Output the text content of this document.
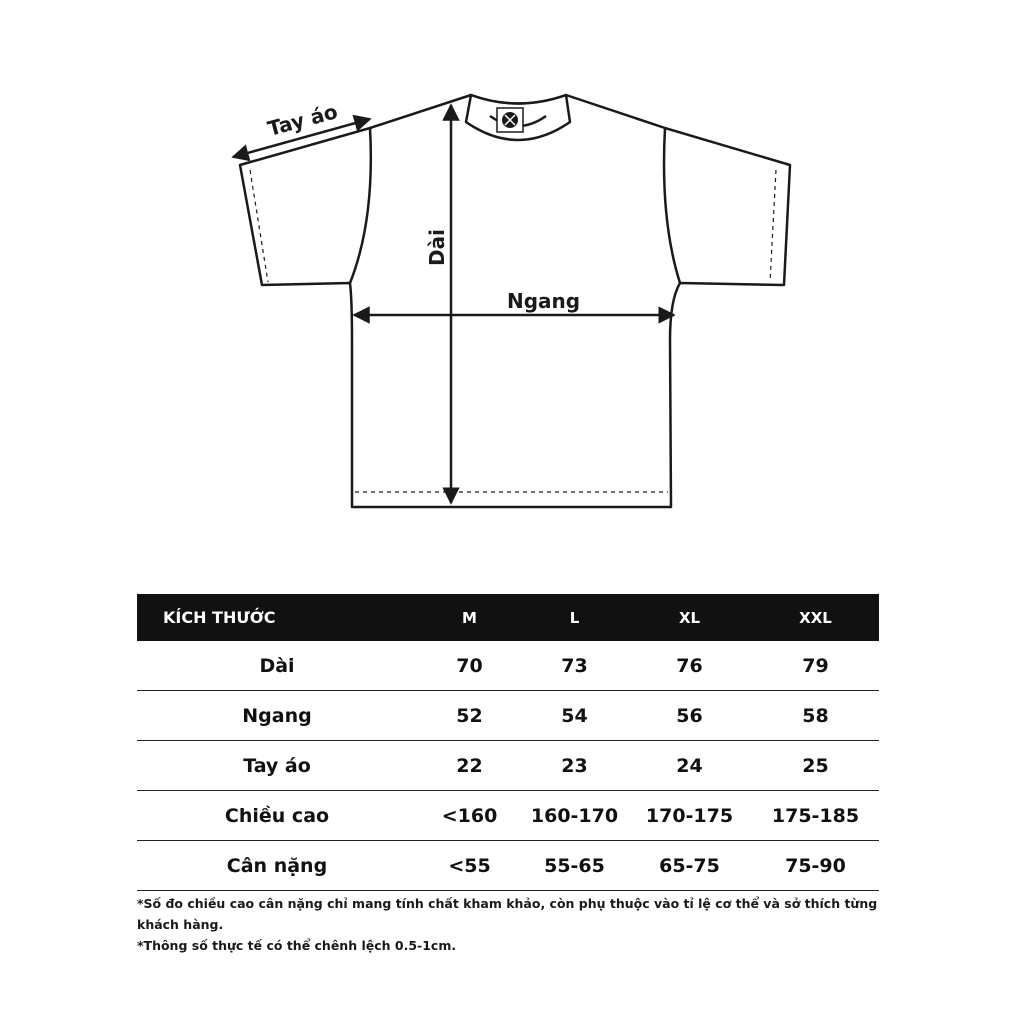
Tay áo
Dài
Ngang
KÍCH THƯỚC	M	L	XL	XXL
Dài	70	73	76	79
Ngang	52	54	56	58
Tay áo	22	23	24	25
Chiều cao	<160	160-170	170-175	175-185
Cân nặng	<55	55-65	65-75	75-90

*Số đo chiều cao cân nặng chỉ mang tính chất kham khảo, còn phụ thuộc vào tỉ lệ cơ thể và sở thích từng khách hàng.

*Thông số thực tế có thể chênh lệch 0.5-1cm.
